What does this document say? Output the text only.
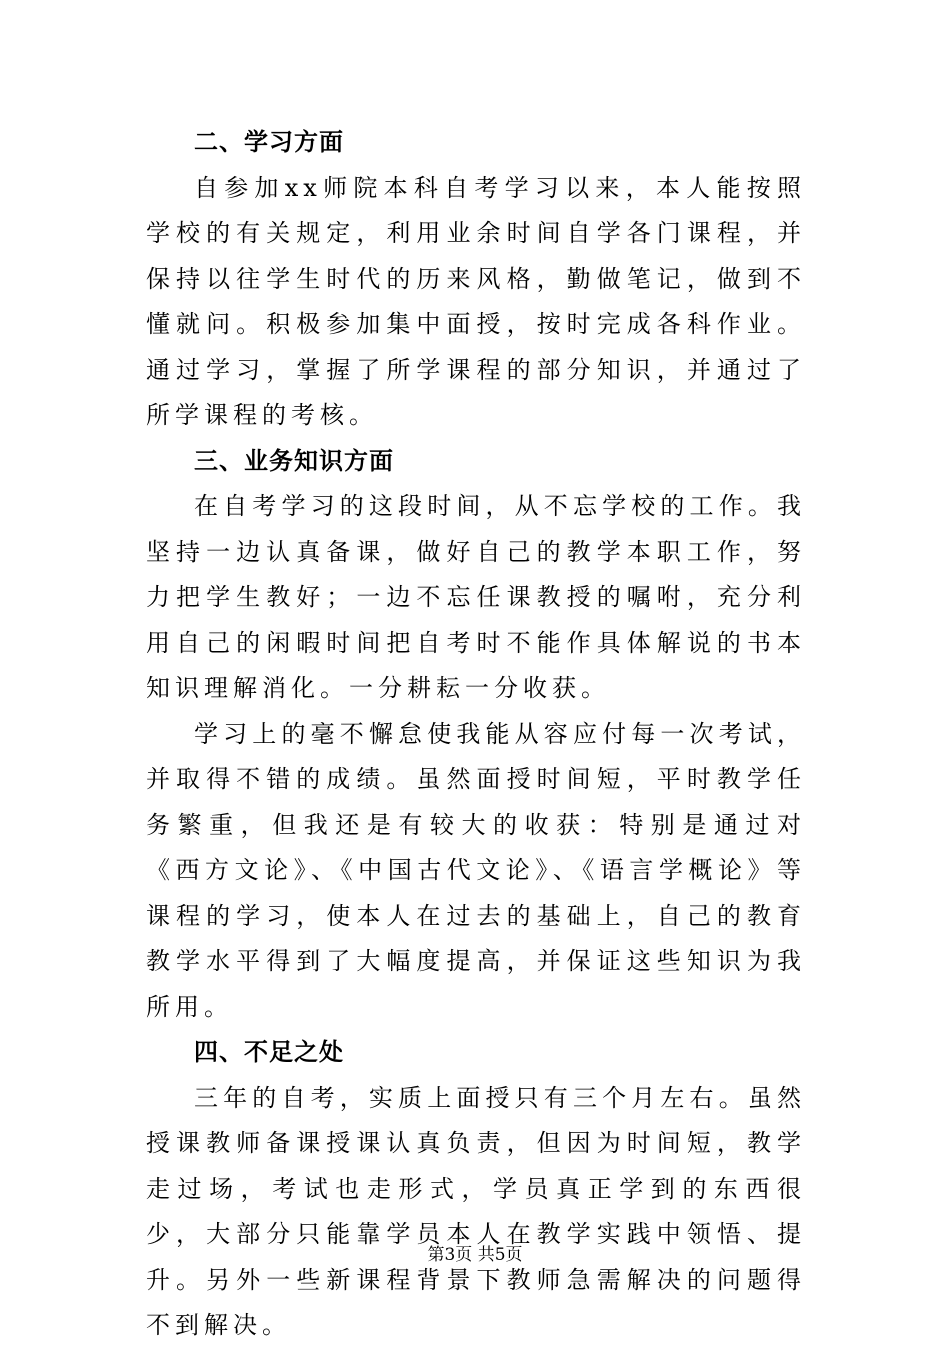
二、学习方面

自参加xx师院本科自考学习以来，本人能按照学校的有关规定，利用业余时间自学各门课程，并保持以往学生时代的历来风格，勤做笔记，做到不懂就问。积极参加集中面授，按时完成各科作业。通过学习，掌握了所学课程的部分知识，并通过了所学课程的考核。

三、业务知识方面

在自考学习的这段时间，从不忘学校的工作。我坚持一边认真备课，做好自己的教学本职工作，努力把学生教好；一边不忘任课教授的嘱咐，充分利用自己的闲暇时间把自考时不能作具体解说的书本知识理解消化。一分耕耘一分收获。

学习上的毫不懈怠使我能从容应付每一次考试，并取得不错的成绩。虽然面授时间短，平时教学任务繁重，但我还是有较大的收获：特别是通过对《西方文论》、《中国古代文论》、《语言学概论》等课程的学习，使本人在过去的基础上，自己的教育教学水平得到了大幅度提高，并保证这些知识为我所用。

四、不足之处

三年的自考，实质上面授只有三个月左右。虽然授课教师备课授课认真负责，但因为时间短，教学走过场，考试也走形式，学员真正学到的东西很少，大部分只能靠学员本人在教学实践中领悟、提升。另外一些新课程背景下教师急需解决的问题得不到解决。

第3页 共5页
